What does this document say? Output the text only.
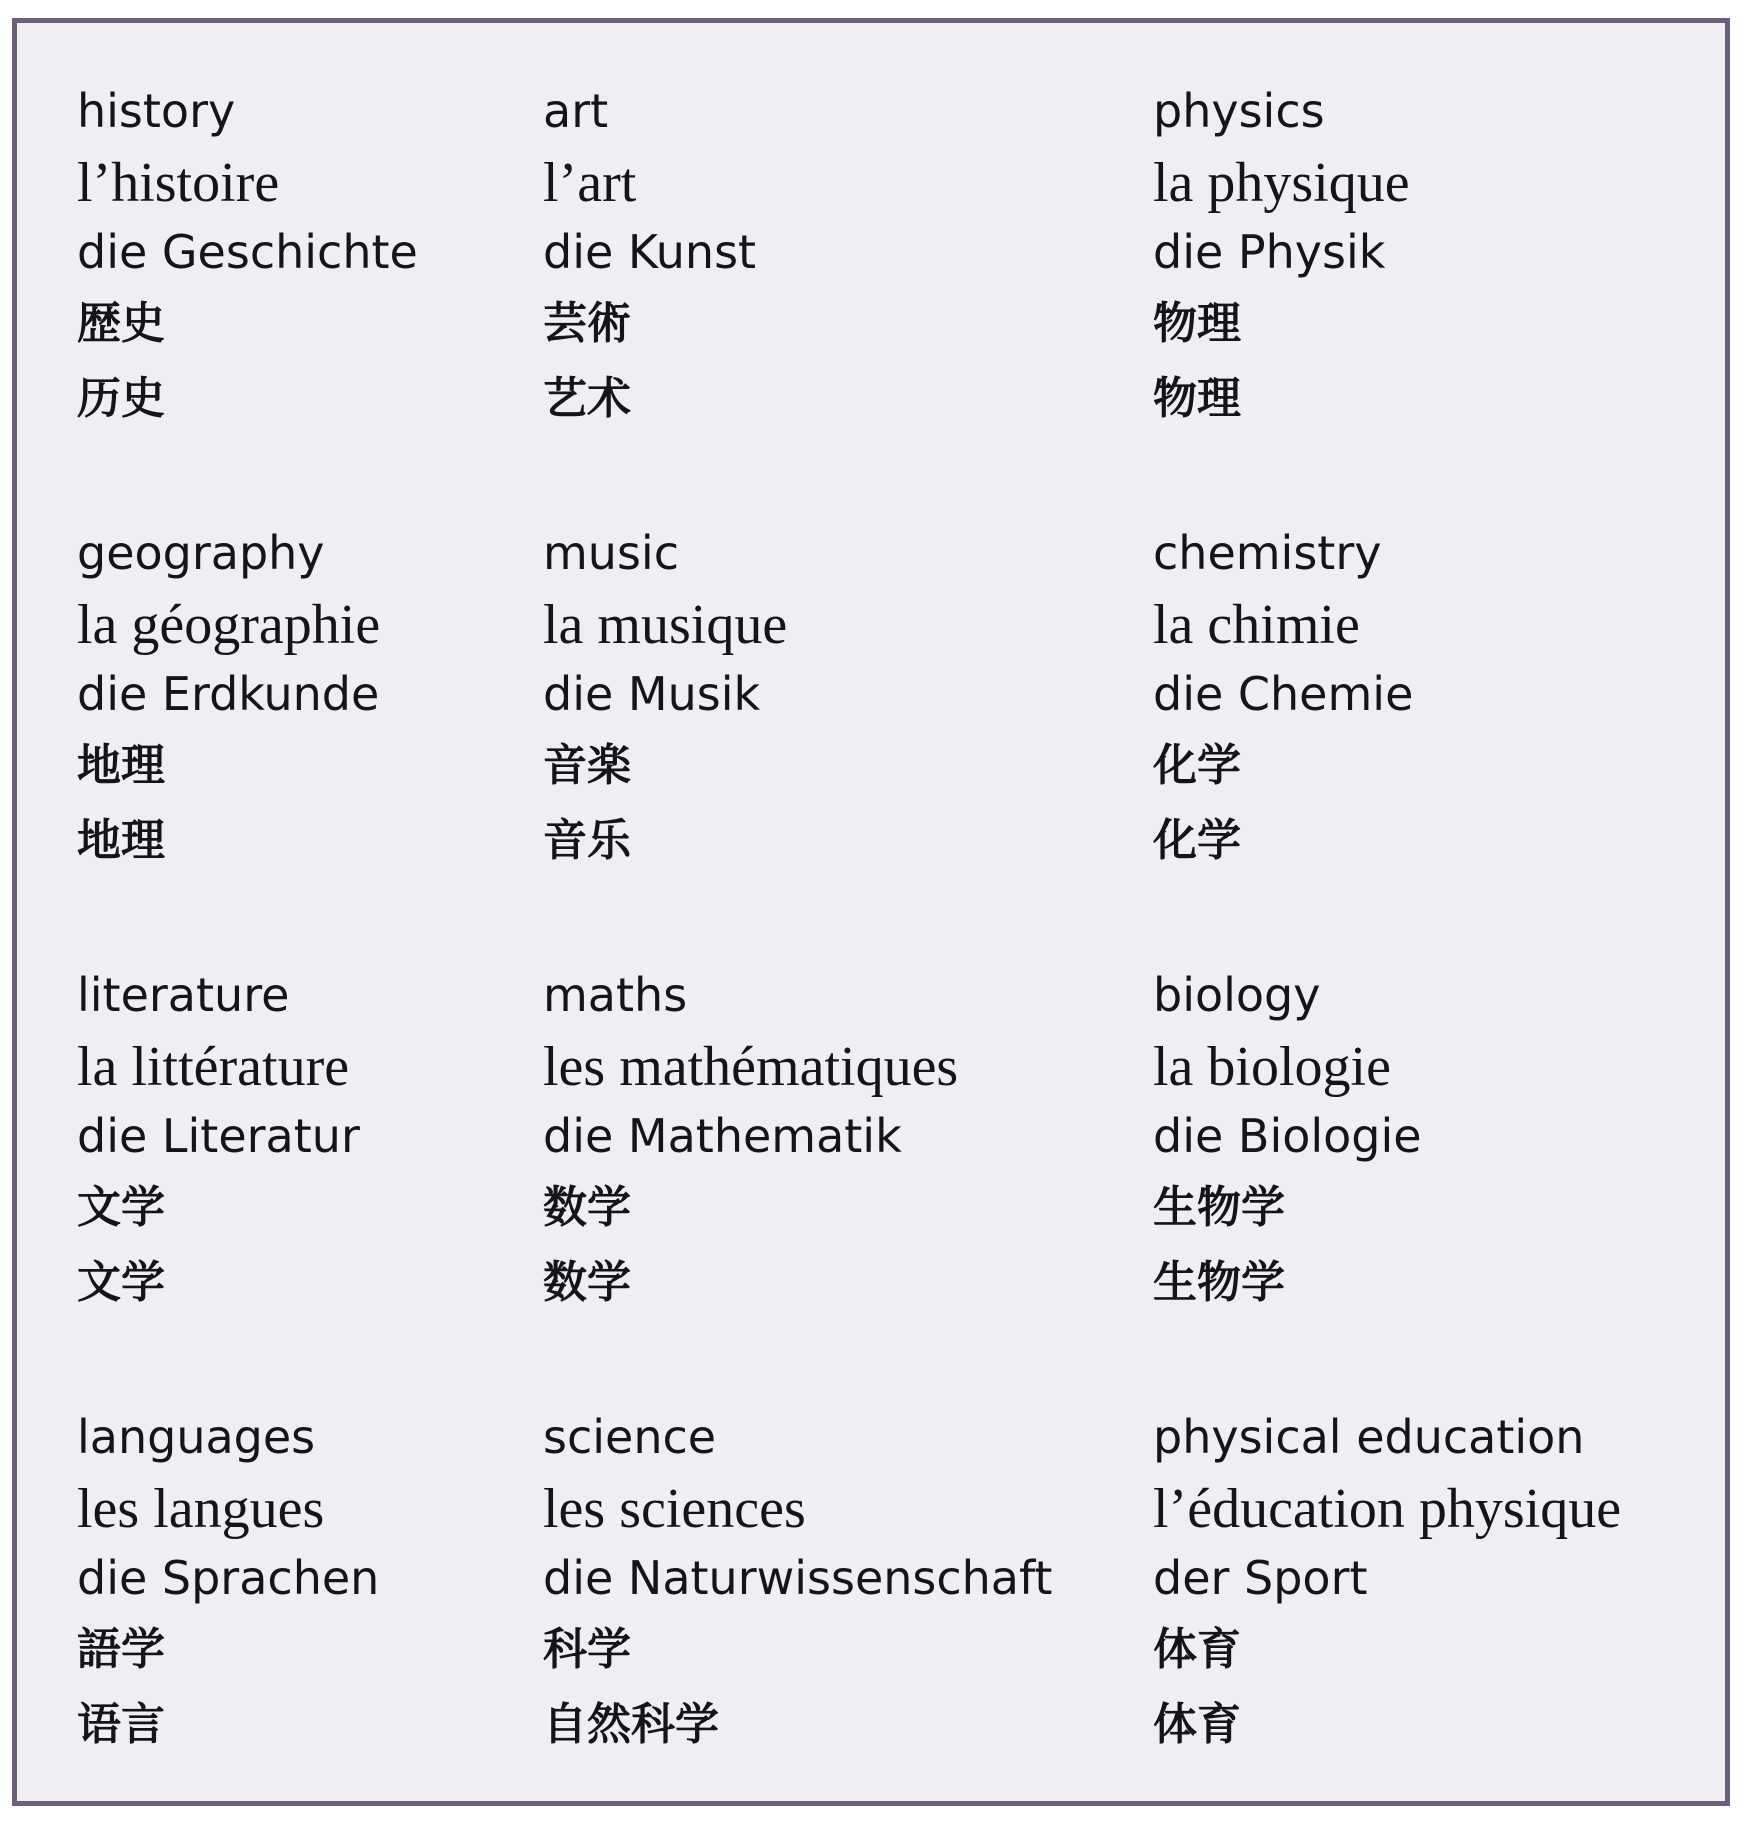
history
l’histoire
die Geschichte
歴史
历史
art
l’art
die Kunst
芸術
艺术
physics
la physique
die Physik
物理
物理
geography
la géographie
die Erdkunde
地理
地理
music
la musique
die Musik
音楽
音乐
chemistry
la chimie
die Chemie
化学
化学
literature
la littérature
die Literatur
文学
文学
maths
les mathématiques
die Mathematik
数学
数学
biology
la biologie
die Biologie
生物学
生物学
languages
les langues
die Sprachen
語学
语言
science
les sciences
die Naturwissenschaft
科学
自然科学
physical education
l’éducation physique
der Sport
体育
体育
